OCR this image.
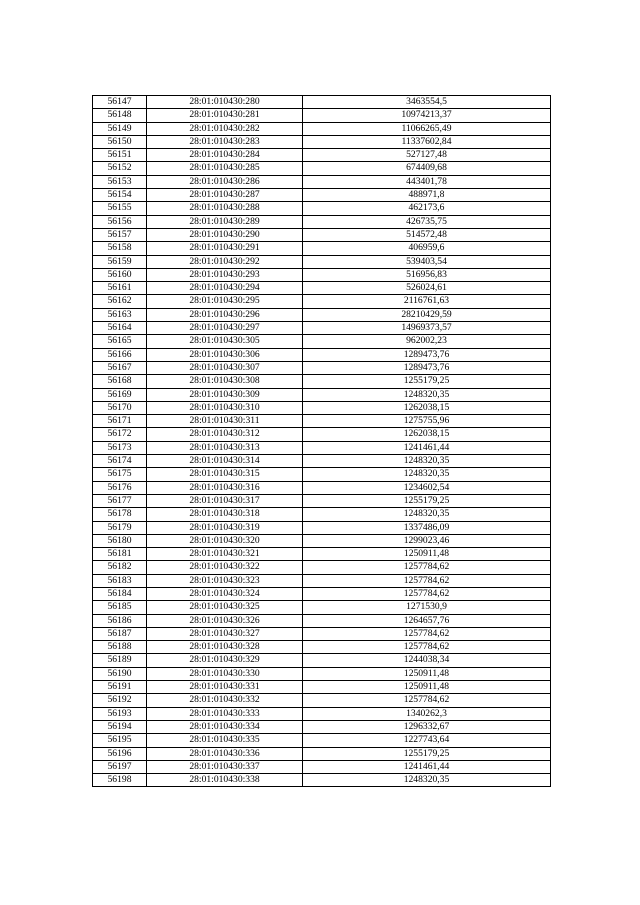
56147	28:01:010430:280	3463554,5
56148	28:01:010430:281	10974213,37
56149	28:01:010430:282	11066265,49
56150	28:01:010430:283	11337602,84
56151	28:01:010430:284	527127,48
56152	28:01:010430:285	674409,68
56153	28:01:010430:286	443401,78
56154	28:01:010430:287	488971,8
56155	28:01:010430:288	462173,6
56156	28:01:010430:289	426735,75
56157	28:01:010430:290	514572,48
56158	28:01:010430:291	406959,6
56159	28:01:010430:292	539403,54
56160	28:01:010430:293	516956,83
56161	28:01:010430:294	526024,61
56162	28:01:010430:295	2116761,63
56163	28:01:010430:296	28210429,59
56164	28:01:010430:297	14969373,57
56165	28:01:010430:305	962002,23
56166	28:01:010430:306	1289473,76
56167	28:01:010430:307	1289473,76
56168	28:01:010430:308	1255179,25
56169	28:01:010430:309	1248320,35
56170	28:01:010430:310	1262038,15
56171	28:01:010430:311	1275755,96
56172	28:01:010430:312	1262038,15
56173	28:01:010430:313	1241461,44
56174	28:01:010430:314	1248320,35
56175	28:01:010430:315	1248320,35
56176	28:01:010430:316	1234602,54
56177	28:01:010430:317	1255179,25
56178	28:01:010430:318	1248320,35
56179	28:01:010430:319	1337486,09
56180	28:01:010430:320	1299023,46
56181	28:01:010430:321	1250911,48
56182	28:01:010430:322	1257784,62
56183	28:01:010430:323	1257784,62
56184	28:01:010430:324	1257784,62
56185	28:01:010430:325	1271530,9
56186	28:01:010430:326	1264657,76
56187	28:01:010430:327	1257784,62
56188	28:01:010430:328	1257784,62
56189	28:01:010430:329	1244038,34
56190	28:01:010430:330	1250911,48
56191	28:01:010430:331	1250911,48
56192	28:01:010430:332	1257784,62
56193	28:01:010430:333	1340262,3
56194	28:01:010430:334	1296332,67
56195	28:01:010430:335	1227743,64
56196	28:01:010430:336	1255179,25
56197	28:01:010430:337	1241461,44
56198	28:01:010430:338	1248320,35
